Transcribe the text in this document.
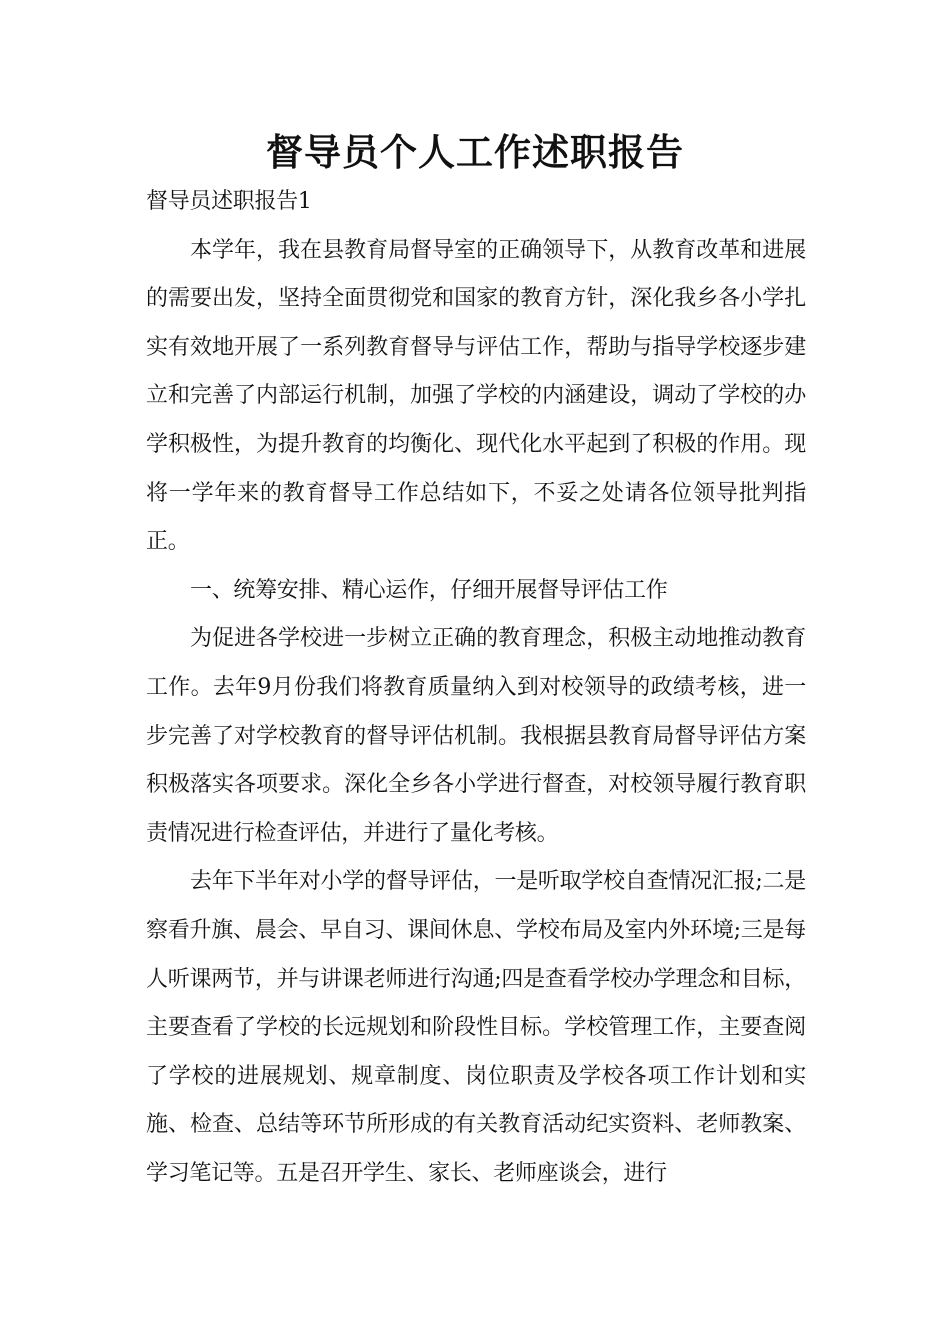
督导员个人工作述职报告

督导员述职报告1

本学年，我在县教育局督导室的正确领导下，从教育改革和进展的需要出发，坚持全面贯彻党和国家的教育方针，深化我乡各小学扎实有效地开展了一系列教育督导与评估工作，帮助与指导学校逐步建立和完善了内部运行机制，加强了学校的内涵建设，调动了学校的办学积极性，为提升教育的均衡化、现代化水平起到了积极的作用。现将一学年来的教育督导工作总结如下，不妥之处请各位领导批判指正。

一、统筹安排、精心运作，仔细开展督导评估工作

为促进各学校进一步树立正确的教育理念，积极主动地推动教育工作。去年9月份我们将教育质量纳入到对校领导的政绩考核，进一步完善了对学校教育的督导评估机制。我根据县教育局督导评估方案积极落实各项要求。深化全乡各小学进行督查，对校领导履行教育职责情况进行检查评估，并进行了量化考核。

去年下半年对小学的督导评估，一是听取学校自查情况汇报;二是察看升旗、晨会、早自习、课间休息、学校布局及室内外环境;三是每人听课两节，并与讲课老师进行沟通;四是查看学校办学理念和目标，主要查看了学校的长远规划和阶段性目标。学校管理工作，主要查阅了学校的进展规划、规章制度、岗位职责及学校各项工作计划和实施、检查、总结等环节所形成的有关教育活动纪实资料、老师教案、学习笔记等。五是召开学生、家长、老师座谈会，进行
